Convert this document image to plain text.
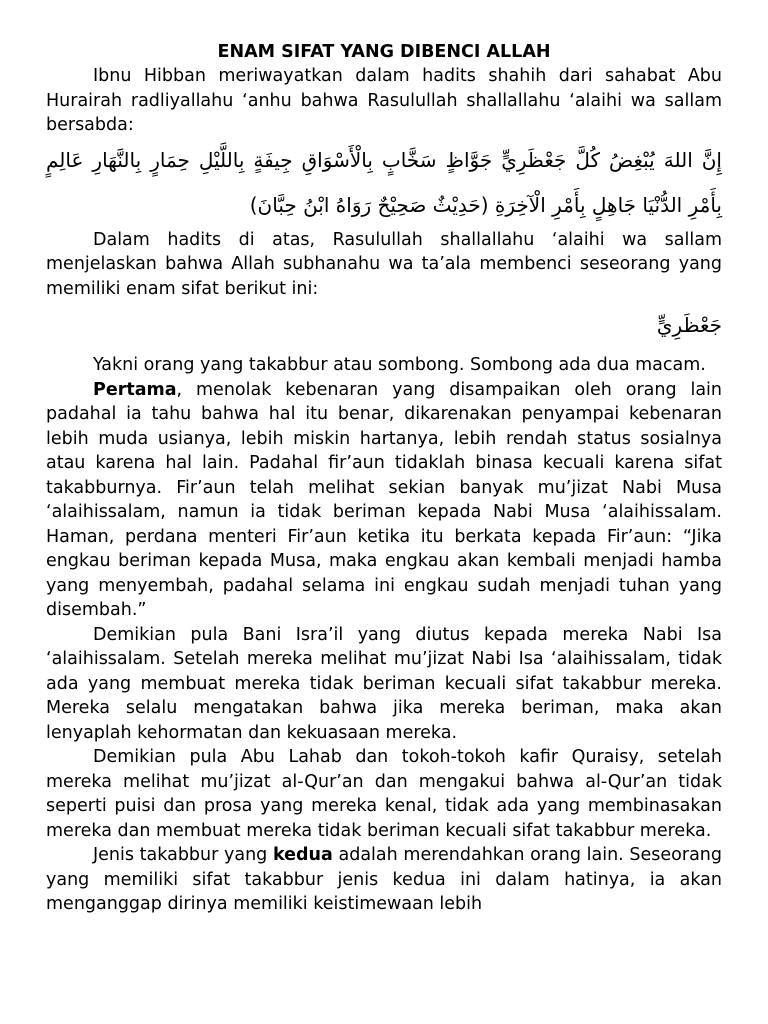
ENAM SIFAT YANG DIBENCI ALLAH

Ibnu Hibban meriwayatkan dalam hadits shahih dari sahabat Abu Hurairah radliyallahu ‘anhu bahwa Rasulullah shallallahu ‘alaihi wa sallam bersabda:

إِنَّ اللهَ يُبْغِضُ كُلَّ جَعْظَرِيٍّ جَوَّاظٍ سَخَّابٍ بِالْأَسْوَاقِ جِيفَةٍ بِاللَّيْلِ حِمَارٍ بِالنَّهَارِ عَالِمٍ بِأَمْرِ الدُّنْيَا جَاهِلٍ بِأَمْرِ الْآخِرَةِ (حَدِيْثٌ صَحِيْحٌ رَوَاهُ ابْنُ حِبَّانَ)

Dalam hadits di atas, Rasulullah shallallahu ‘alaihi wa sallam menjelaskan bahwa Allah subhanahu wa ta’ala membenci seseorang yang memiliki enam sifat berikut ini:

جَعْظَرِيٍّ

Yakni orang yang takabbur atau sombong. Sombong ada dua macam.

Pertama, menolak kebenaran yang disampaikan oleh orang lain padahal ia tahu bahwa hal itu benar, dikarenakan penyampai kebenaran lebih muda usianya, lebih miskin hartanya, lebih rendah status sosialnya atau karena hal lain. Padahal fir’aun tidaklah binasa kecuali karena sifat takabburnya. Fir’aun telah melihat sekian banyak mu’jizat Nabi Musa ‘alaihissalam, namun ia tidak beriman kepada Nabi Musa ‘alaihissalam. Haman, perdana menteri Fir’aun ketika itu berkata kepada Fir’aun: “Jika engkau beriman kepada Musa, maka engkau akan kembali menjadi hamba yang menyembah, padahal selama ini engkau sudah menjadi tuhan yang disembah.”

Demikian pula Bani Isra’il yang diutus kepada mereka Nabi Isa ‘alaihissalam. Setelah mereka melihat mu’jizat Nabi Isa ‘alaihissalam, tidak ada yang membuat mereka tidak beriman kecuali sifat takabbur mereka. Mereka selalu mengatakan bahwa jika mereka beriman, maka akan lenyaplah kehormatan dan kekuasaan mereka.

Demikian pula Abu Lahab dan tokoh-tokoh kafir Quraisy, setelah mereka melihat mu’jizat al-Qur’an dan mengakui bahwa al-Qur’an tidak seperti puisi dan prosa yang mereka kenal, tidak ada yang membinasakan mereka dan membuat mereka tidak beriman kecuali sifat takabbur mereka.

Jenis takabbur yang kedua adalah merendahkan orang lain. Seseorang yang memiliki sifat takabbur jenis kedua ini dalam hatinya, ia akan menganggap dirinya memiliki keistimewaan lebih
